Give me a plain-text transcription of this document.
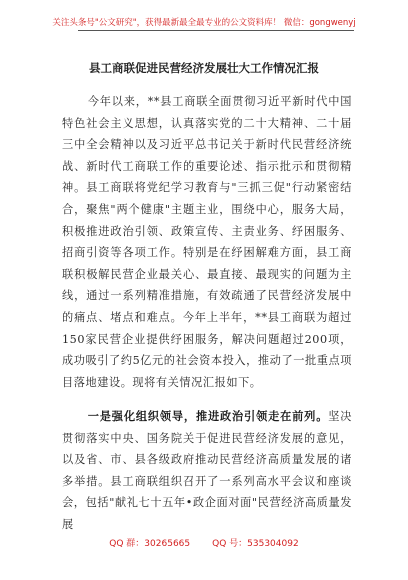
关注头条号"公文研究"，获得最新最全最专业的公文资料库！ 微信：gongwenyj
县工商联促进民营经济发展壮大工作情况汇报
今年以来，**县工商联全面贯彻习近平新时代中国特色社会主义思想，认真落实党的二十大精神、二十届三中全会精神以及习近平总书记关于新时代民营经济统战、新时代工商联工作的重要论述、指示批示和贯彻精神。县工商联将党纪学习教育与"三抓三促"行动紧密结合，聚焦"两个健康"主题主业，围绕中心，服务大局，积极推进政治引领、政策宣传、主责业务、纾困服务、招商引资等各项工作。特别是在纾困解难方面，县工商联积极解民营企业最关心、最直接、最现实的问题为主线，通过一系列精准措施，有效疏通了民营经济发展中的痛点、堵点和难点。今年上半年，**县工商联为超过150家民营企业提供纾困服务，解决问题超过200项，成功吸引了约5亿元的社会资本投入，推动了一批重点项目落地建设。现将有关情况汇报如下。
一是强化组织领导，推进政治引领走在前列。坚决贯彻落实中央、国务院关于促进民营经济发展的意见，以及省、市、县各级政府推动民营经济高质量发展的诸多举措。县工商联组织召开了一系列高水平会议和座谈会，包括"献礼七十五年•政企面对面"民营经济高质量发展
QQ 群：30265665 QQ 号：535304092
